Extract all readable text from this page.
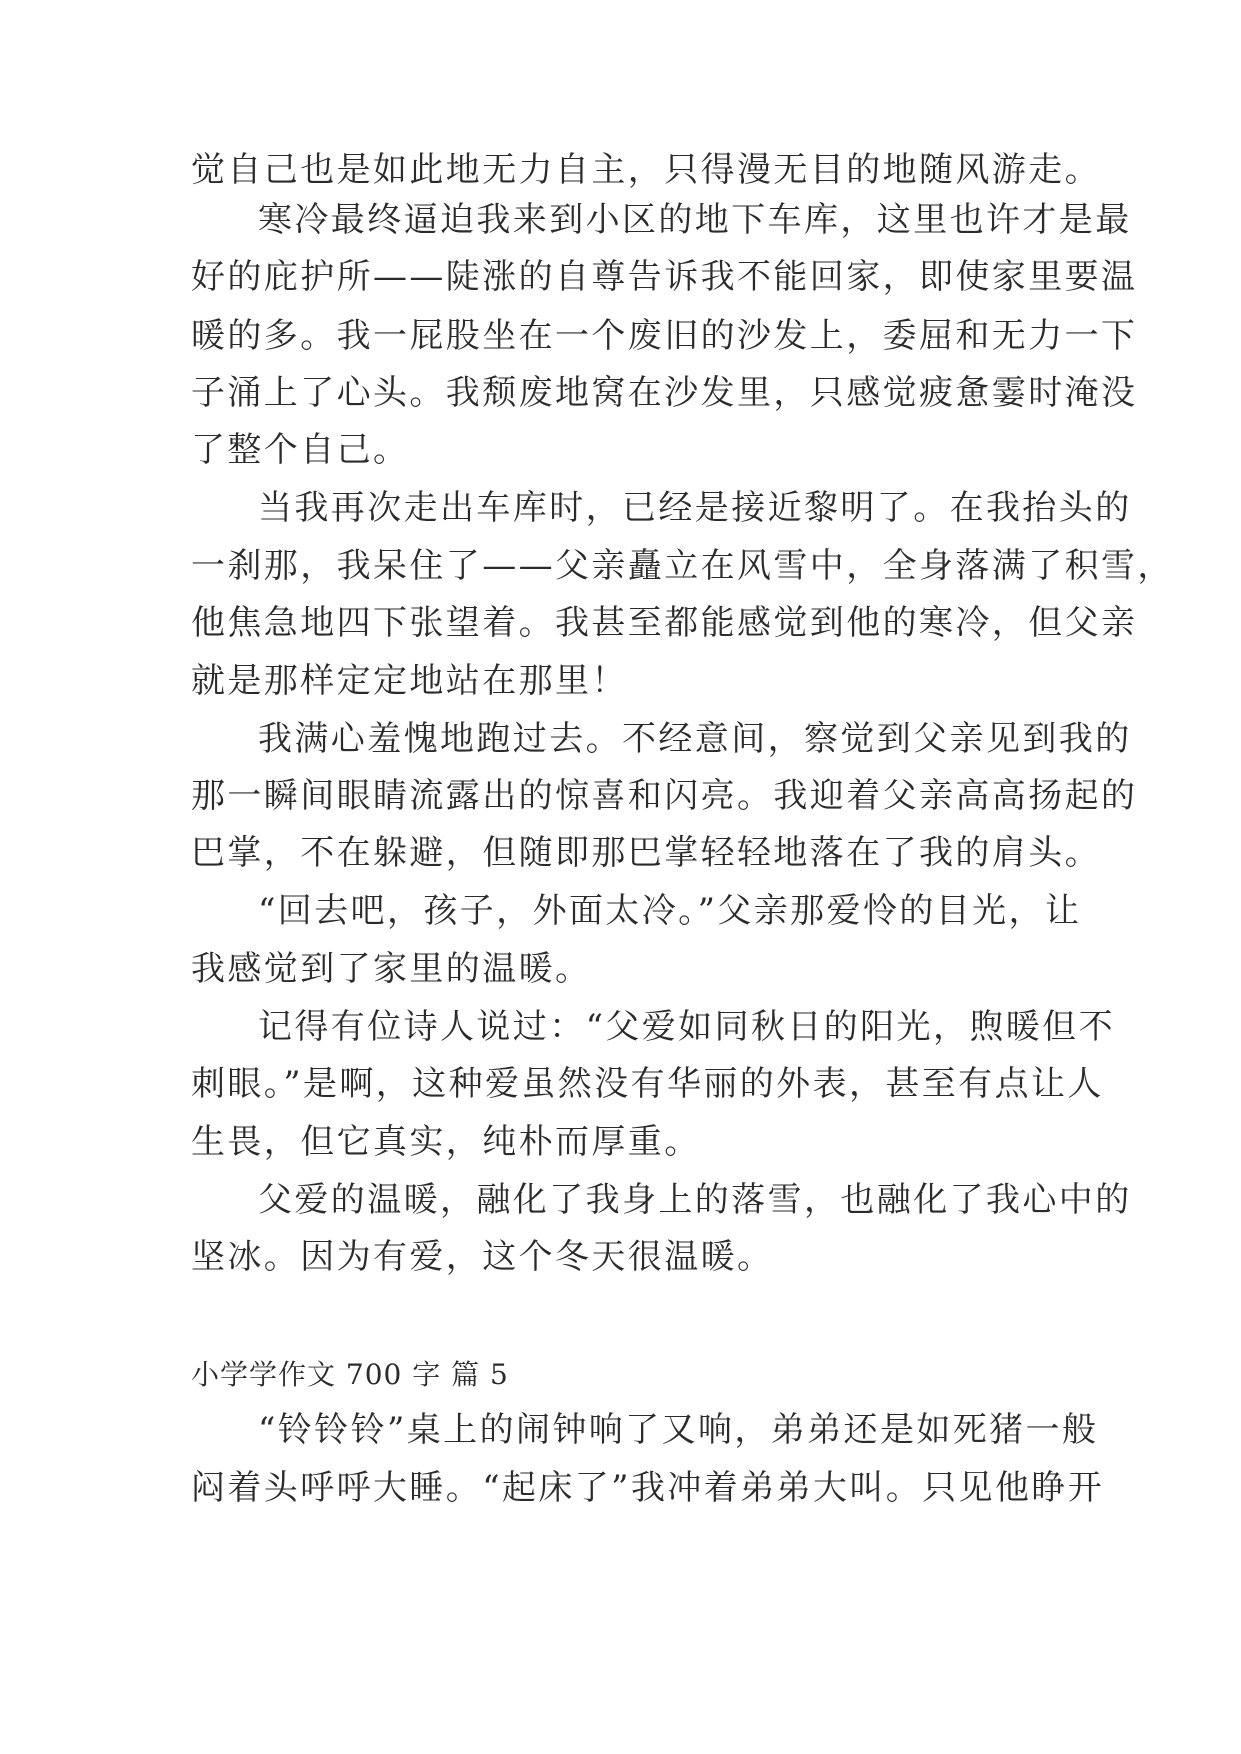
觉自己也是如此地无力自主，只得漫无目的地随风游走。
寒冷最终逼迫我来到小区的地下车库，这里也许才是最
好的庇护所——陡涨的自尊告诉我不能回家，即使家里要温
暖的多。我一屁股坐在一个废旧的沙发上，委屈和无力一下
子涌上了心头。我颓废地窝在沙发里，只感觉疲惫霎时淹没
了整个自己。
当我再次走出车库时，已经是接近黎明了。在我抬头的
一刹那，我呆住了——父亲矗立在风雪中，全身落满了积雪，
他焦急地四下张望着。我甚至都能感觉到他的寒冷，但父亲
就是那样定定地站在那里！
我满心羞愧地跑过去。不经意间，察觉到父亲见到我的
那一瞬间眼睛流露出的惊喜和闪亮。我迎着父亲高高扬起的
巴掌，不在躲避，但随即那巴掌轻轻地落在了我的肩头。
“回去吧，孩子，外面太冷。”父亲那爱怜的目光，让
我感觉到了家里的温暖。
记得有位诗人说过：“父爱如同秋日的阳光，煦暖但不
刺眼。”是啊，这种爱虽然没有华丽的外表，甚至有点让人
生畏，但它真实，纯朴而厚重。
父爱的温暖，融化了我身上的落雪，也融化了我心中的
坚冰。因为有爱，这个冬天很温暖。
小学学作文 700 字 篇 5
“铃铃铃”桌上的闹钟响了又响，弟弟还是如死猪一般
闷着头呼呼大睡。“起床了”我冲着弟弟大叫。只见他睁开
